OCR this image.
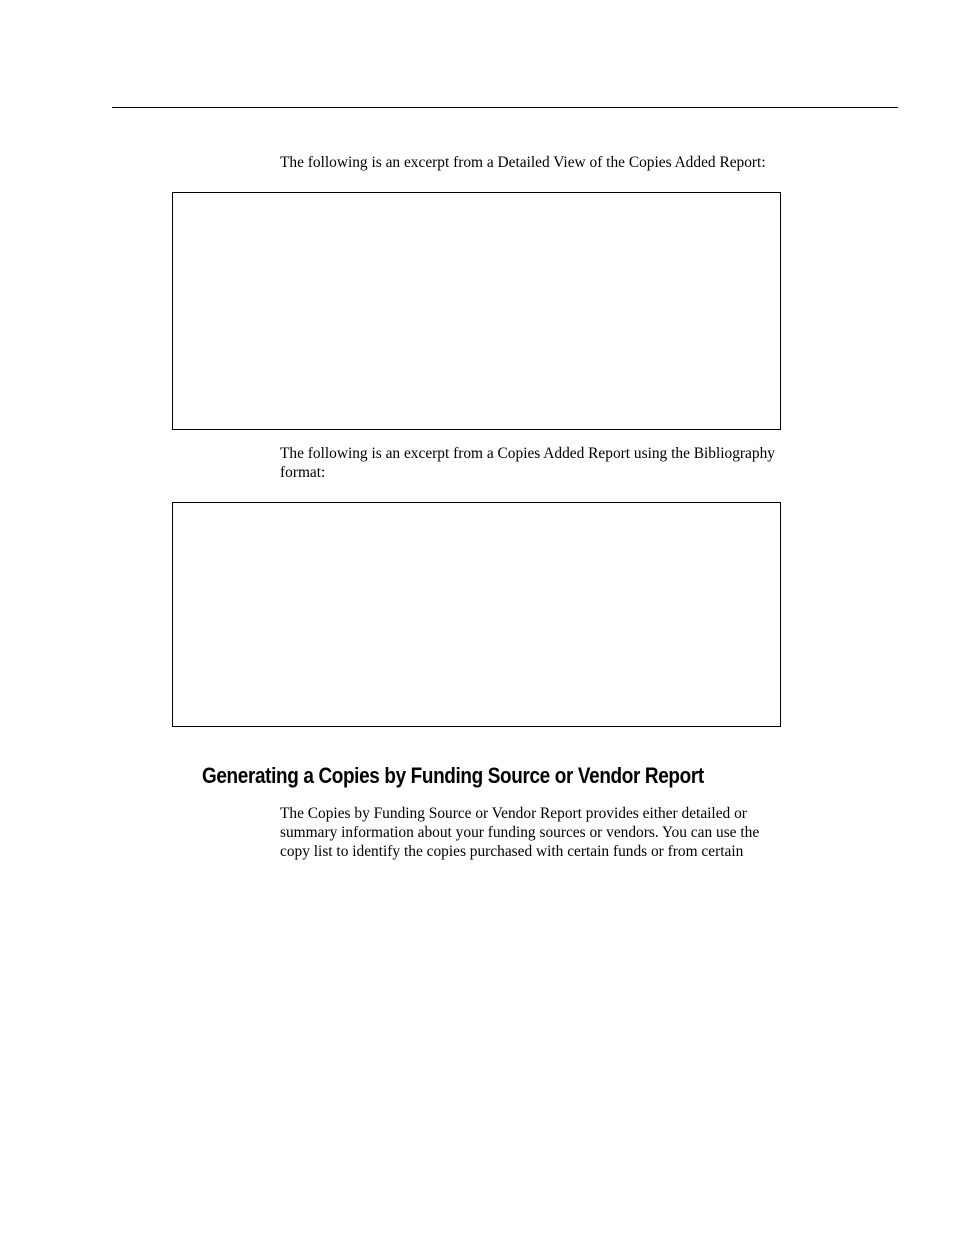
The following is an excerpt from a Detailed View of the Copies Added Report:

The following is an excerpt from a Copies Added Report using the Bibliography
format:

Generating a Copies by Funding Source or Vendor Report

The Copies by Funding Source or Vendor Report provides either detailed or
summary information about your funding sources or vendors. You can use the
copy list to identify the copies purchased with certain funds or from certain
